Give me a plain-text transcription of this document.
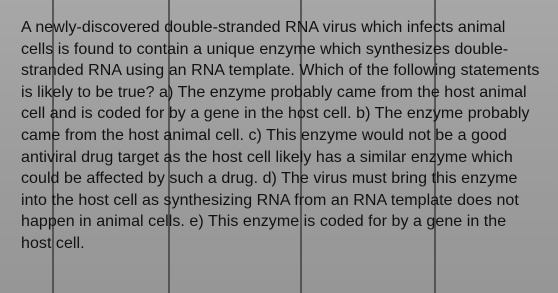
A newly-discovered double-stranded RNA virus which infects animal cells is found to contain a unique enzyme which synthesizes double-stranded RNA using an RNA template. Which of the following statements is likely to be true? a) The enzyme probably came from the host animal cell and is coded for by a gene in the host cell. b) The enzyme probably came from the host animal cell. c) This enzyme would not be a good antiviral drug target as the host cell likely has a similar enzyme which could be affected by such a drug. d) The virus must bring this enzyme into the host cell as synthesizing RNA from an RNA template does not happen in animal cells. e) This enzyme is coded for by a gene in the host cell.
